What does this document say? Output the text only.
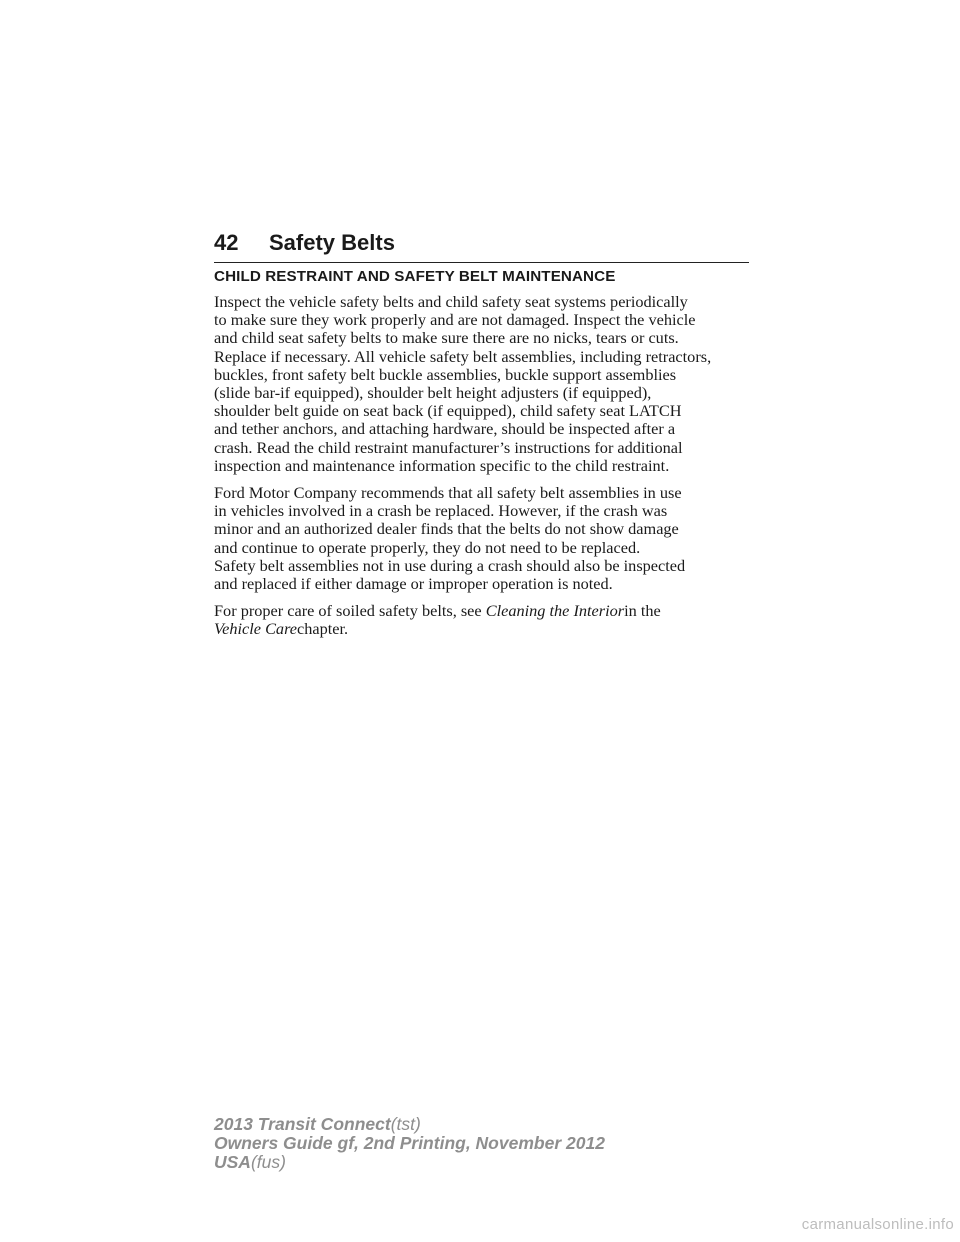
42 Safety Belts
CHILD RESTRAINT AND SAFETY BELT MAINTENANCE
Inspect the vehicle safety belts and child safety seat systems periodically
to make sure they work properly and are not damaged. Inspect the vehicle
and child seat safety belts to make sure there are no nicks, tears or cuts.
Replace if necessary. All vehicle safety belt assemblies, including retractors,
buckles, front safety belt buckle assemblies, buckle support assemblies
(slide bar-if equipped), shoulder belt height adjusters (if equipped),
shoulder belt guide on seat back (if equipped), child safety seat LATCH
and tether anchors, and attaching hardware, should be inspected after a
crash. Read the child restraint manufacturer’s instructions for additional
inspection and maintenance information specific to the child restraint.
Ford Motor Company recommends that all safety belt assemblies in use
in vehicles involved in a crash be replaced. However, if the crash was
minor and an authorized dealer finds that the belts do not show damage
and continue to operate properly, they do not need to be replaced.
Safety belt assemblies not in use during a crash should also be inspected
and replaced if either damage or improper operation is noted.
For proper care of soiled safety belts, see Cleaning the Interiorin the
Vehicle Carechapter.
2013 Transit Connect(tst)
Owners Guide gf, 2nd Printing, November 2012
USA(fus)
carmanualsonline.info
